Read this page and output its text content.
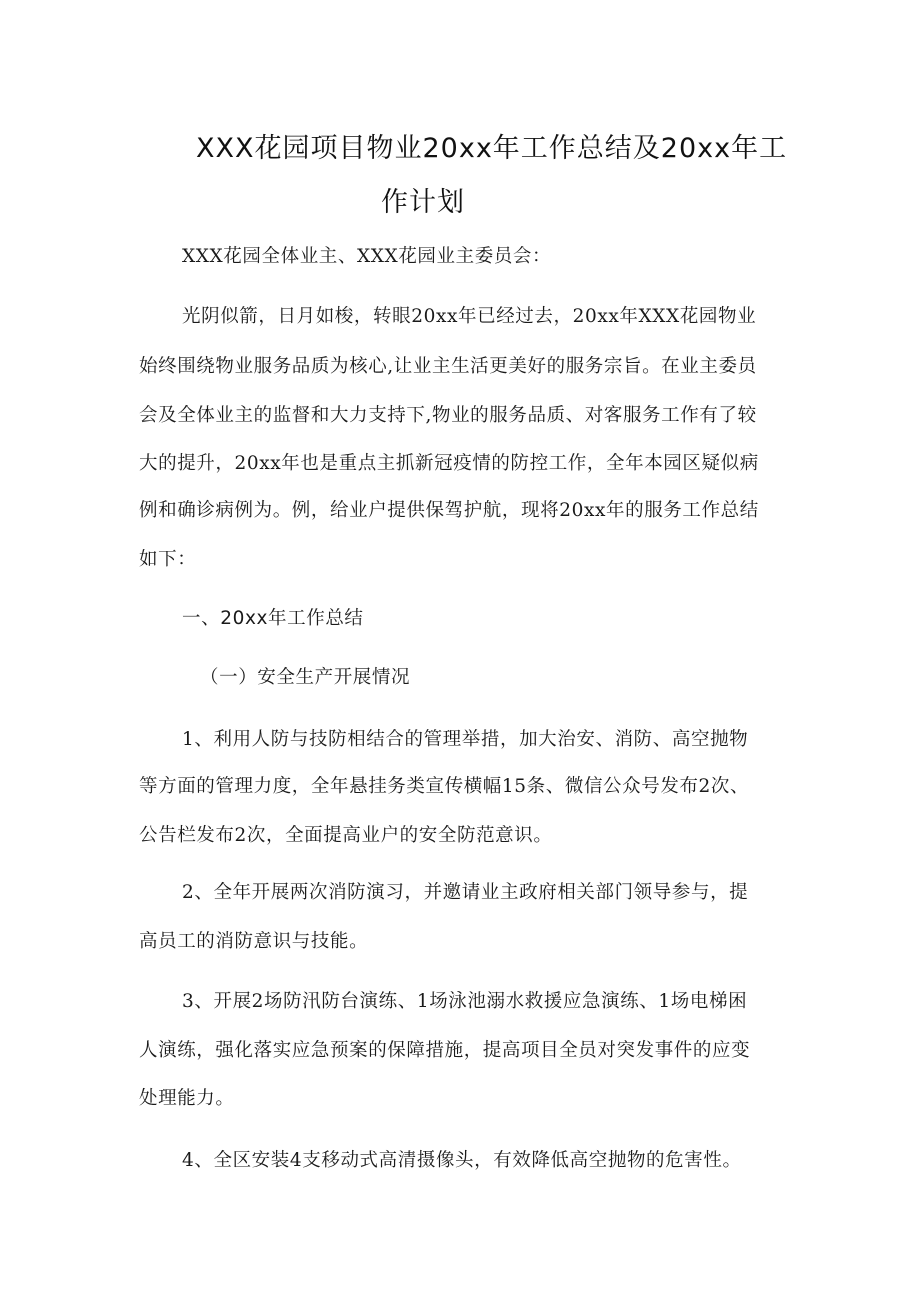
XXX花园项目物业20xx年工作总结及20xx年工
作计划
XXX花园全体业主、XXX花园业主委员会：
光阴似箭，日月如梭，转眼20xx年已经过去，20xx年XXX花园物业
始终围绕物业服务品质为核心,让业主生活更美好的服务宗旨。在业主委员
会及全体业主的监督和大力支持下,物业的服务品质、对客服务工作有了较
大的提升，20xx年也是重点主抓新冠疫情的防控工作，全年本园区疑似病
例和确诊病例为。例，给业户提供保驾护航，现将20xx年的服务工作总结
如下：
一、20xx年工作总结
（一）安全生产开展情况
1、利用人防与技防相结合的管理举措，加大治安、消防、高空抛物
等方面的管理力度，全年悬挂务类宣传横幅15条、微信公众号发布2次、
公告栏发布2次，全面提高业户的安全防范意识。
2、全年开展两次消防演习，并邀请业主政府相关部门领导参与，提
高员工的消防意识与技能。
3、开展2场防汛防台演练、1场泳池溺水救援应急演练、1场电梯困
人演练，强化落实应急预案的保障措施，提高项目全员对突发事件的应变
处理能力。
4、全区安装4支移动式高清摄像头，有效降低高空抛物的危害性。
